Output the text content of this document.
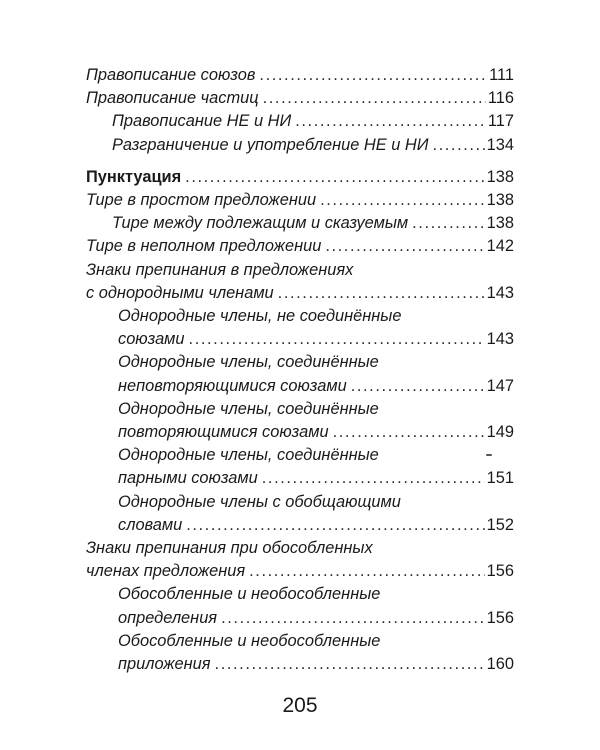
Правописание союзов .....	111
Правописание частиц .....	116
Правописание НЕ и НИ .....	117
Разграничение и употребление НЕ и НИ .....	134
Пунктуация .....	138
Тире в простом предложении .....	138
Тире между подлежащим и сказуемым .....	138
Тире в неполном предложении .....	142
Знаки препинания в предложениях
с однородными членами .....	143
Однородные члены, не соединённые
союзами .....	143
Однородные члены, соединённые
неповторяющимися союзами .....	147
Однородные члены, соединённые
повторяющимися союзами .....	149
Однородные члены, соединённые
парными союзами .....	151
Однородные члены с обобщающими
словами .....	152
Знаки препинания при обособленных
членах предложения .....	156
Обособленные и необособленные
определения .....	156
Обособленные и необособленные
приложения .....	160
205
